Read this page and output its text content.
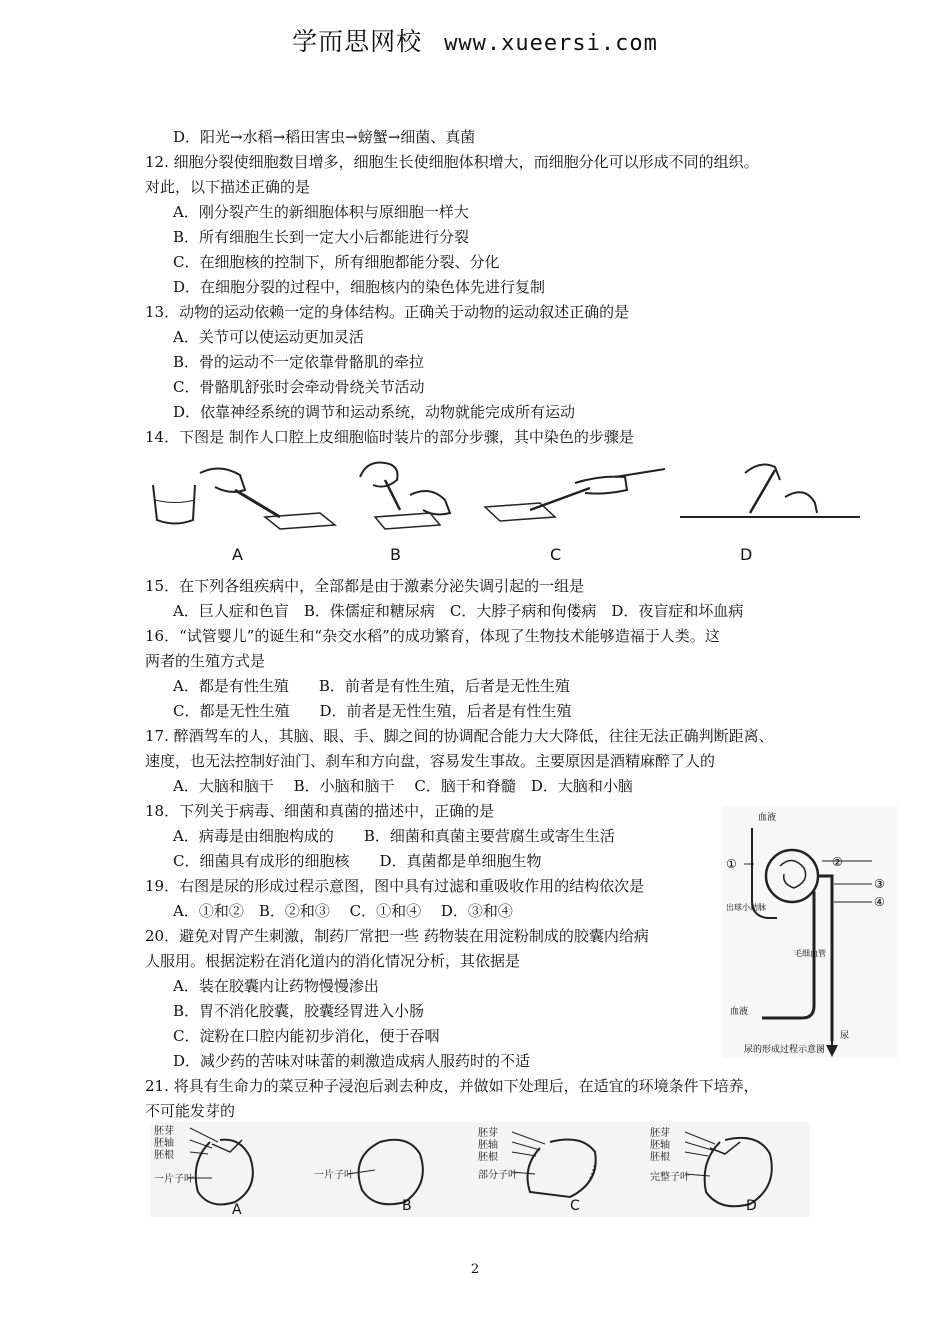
学而思网校 www.xueersi.com
D．阳光→水稻→稻田害虫→螃蟹→细菌、真菌
12. 细胞分裂使细胞数目增多，细胞生长使细胞体积增大，而细胞分化可以形成不同的组织。
对此，以下描述正确的是
A．刚分裂产生的新细胞体积与原细胞一样大
B．所有细胞生长到一定大小后都能进行分裂
C．在细胞核的控制下，所有细胞都能分裂、分化
D．在细胞分裂的过程中，细胞核内的染色体先进行复制
13．动物的运动依赖一定的身体结构。正确关于动物的运动叙述正确的是
A．关节可以使运动更加灵活
B．骨的运动不一定依靠骨骼肌的牵拉
C．骨骼肌舒张时会牵动骨绕关节活动
D．依靠神经系统的调节和运动系统，动物就能完成所有运动
14．下图是 制作人口腔上皮细胞临时装片的部分步骤，其中染色的步骤是
A	B	C	D
15．在下列各组疾病中，全部都是由于激素分泌失调引起的一组是
A．巨人症和色盲　B．侏儒症和糖尿病　C．大脖子病和佝偻病　D．夜盲症和坏血病
16．“试管婴儿”的诞生和“杂交水稻”的成功繁育，体现了生物技术能够造福于人类。这
两者的生殖方式是
A．都是有性生殖　　B．前者是有性生殖，后者是无性生殖
C．都是无性生殖　　D．前者是无性生殖，后者是有性生殖
17. 醉酒驾车的人，其脑、眼、手、脚之间的协调配合能力大大降低，往往无法正确判断距离、
速度，也无法控制好油门、刹车和方向盘，容易发生事故。主要原因是酒精麻醉了人的
A．大脑和脑干　 B．小脑和脑干　 C．脑干和脊髓　D．大脑和小脑
18．下列关于病毒、细菌和真菌的描述中，正确的是
A．病毒是由细胞构成的　　B．细菌和真菌主要营腐生或寄生生活
C．细菌具有成形的细胞核　　D．真菌都是单细胞生物
19．右图是尿的形成过程示意图，图中具有过滤和重吸收作用的结构依次是
A．①和②　B．②和③　 C．①和④　 D．③和④
20．避免对胃产生刺激，制药厂常把一些 药物装在用淀粉制成的胶囊内给病
人服用。根据淀粉在消化道内的消化情况分析，其依据是
A．装在胶囊内让药物慢慢渗出
B．胃不消化胶囊，胶囊经胃进入小肠
C．淀粉在口腔内能初步消化，便于吞咽
D．减少药的苦味对味蕾的刺激造成病人服药时的不适
21. 将具有生命力的菜豆种子浸泡后剥去种皮，并做如下处理后，在适宜的环境条件下培养，
不可能发芽的
血液
①	②
③
④
出球小动脉
毛细血管
血液
尿
尿的形成过程示意图
胚芽
胚轴
胚根
一片子叶	一片子叶
胚芽
胚轴
胚根
部分子叶
胚芽
胚轴
胚根
完整子叶
A	B	C	D
2
